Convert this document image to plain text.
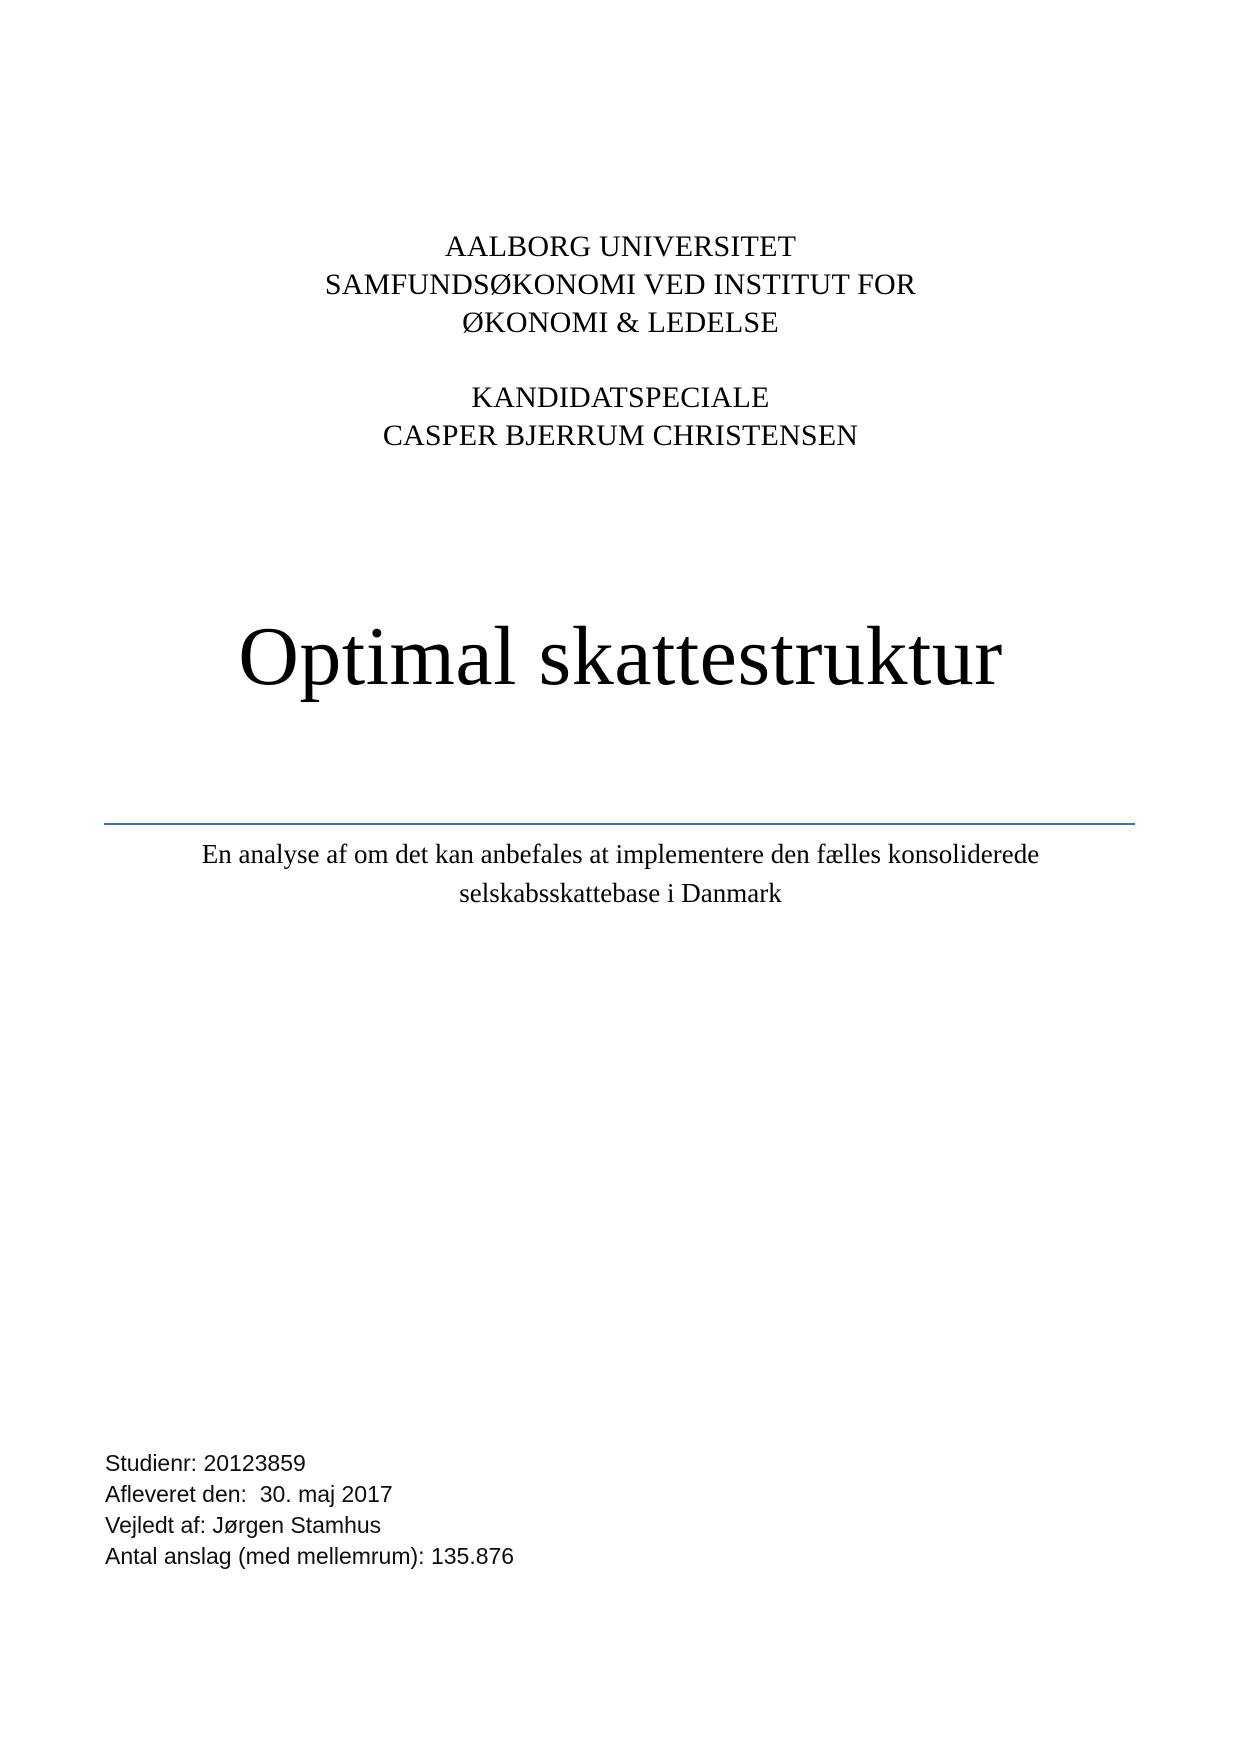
AALBORG UNIVERSITET
SAMFUNDSØKONOMI VED INSTITUT FOR
ØKONOMI & LEDELSE
KANDIDATSPECIALE
CASPER BJERRUM CHRISTENSEN
Optimal skattestruktur

En analyse af om det kan anbefales at implementere den fælles konsoliderede

selskabsskattebase i Danmark

Studienr: 20123859
Afleveret den:  30. maj 2017
Vejledt af: Jørgen Stamhus
Antal anslag (med mellemrum): 135.876
